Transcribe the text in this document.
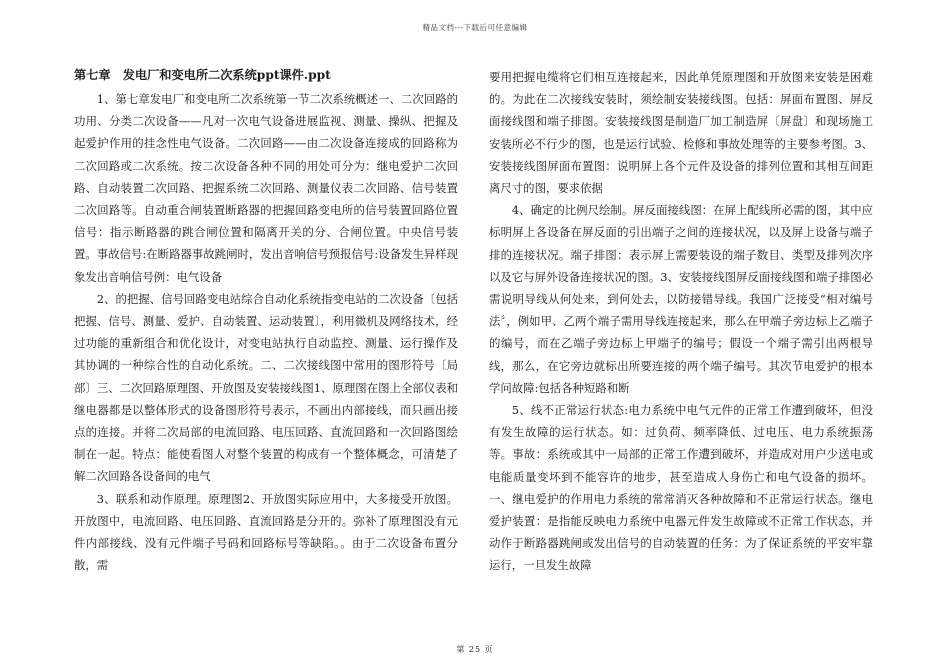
精品文档---下载后可任意编辑
第七章　发电厂和变电所二次系统ppt课件.ppt

1、第七章发电厂和变电所二次系统第一节二次系统概述一、二次回路的功用、分类二次设备——凡对一次电气设备进展监视、测量、操纵、把握及起爱护作用的挂念性电气设备。二次回路——由二次设备连接成的回路称为二次回路或二次系统。按二次设备各种不同的用处可分为：继电爱护二次回路、自动装置二次回路、把握系统二次回路、测量仪表二次回路、信号装置二次回路等。自动重合闸装置断路器的把握回路变电所的信号装置回路位置信号：指示断路器的跳合闸位置和隔离开关的分、合闸位置。中央信号装置。事故信号:在断路器事故跳闸时，发出音响信号预报信号:设备发生异样现象发出音响信号例：电气设备

2、的把握、信号回路变电站综合自动化系统指变电站的二次设备〔包括把握、信号、测量、爱护、自动装置、运动装置〕，利用微机及网络技术，经过功能的重新组合和优化设计，对变电站执行自动监控、测量、运行操作及其协调的一种综合性的自动化系统。二、二次接线图中常用的图形符号〔局部〕三、二次回路原理图、开放图及安装接线图1、原理图在图上全部仪表和继电器都是以整体形式的设备图形符号表示，不画出内部接线，而只画出接点的连接。并将二次局部的电流回路、电压回路、直流回路和一次回路图绘制在一起。特点：能使看图人对整个装置的构成有一个整体概念，可清楚了解二次回路各设备间的电气

3、联系和动作原理。原理图2、开放图实际应用中，大多接受开放图。开放图中，电流回路、电压回路、直流回路是分开的。弥补了原理图没有元件内部接线、没有元件端子号码和回路标号等缺陷。。由于二次设备布置分散，需

要用把握电缆将它们相互连接起来，因此单凭原理图和开放图来安装是困难的。为此在二次接线安装时，须绘制安装接线图。包括：屏面布置图、屏反面接线图和端子排图。安装接线图是制造厂加工制造屏〔屏盘〕和现场施工安装所必不行少的图，也是运行试验、检修和事故处理等的主要参考图。3、安装接线图屏面布置图：说明屏上各个元件及设备的排列位置和其相互间距离尺寸的图，要求依据

4、确定的比例尺绘制。屏反面接线图：在屏上配线所必需的图，其中应标明屏上各设备在屏反面的引出端子之间的连接状况，以及屏上设备与端子排的连接状况。端子排图：表示屏上需要装设的端子数目、类型及排列次序以及它与屏外设备连接状况的图。3、安装接线图屏反面接线图和端子排图必需说明导线从何处来，到何处去，以防接错导线。我国广泛接受“相对编号法〞，例如甲、乙两个端子需用导线连接起来，那么在甲端子旁边标上乙端子的编号，而在乙端子旁边标上甲端子的编号；假设一个端子需引出两根导线，那么，在它旁边就标出所要连接的两个端子编号。其次节电爱护的根本学问故障:包括各种短路和断

5、线不正常运行状态:电力系统中电气元件的正常工作遭到破坏，但没有发生故障的运行状态。如：过负荷、频率降低、过电压、电力系统振荡等。事故：系统或其中一局部的正常工作遭到破坏，并造成对用户少送电或电能质量变坏到不能容许的地步，甚至造成人身伤亡和电气设备的损坏。一、继电爱护的作用电力系统的常常消灭各种故障和不正常运行状态。继电爱护装置：是指能反映电力系统中电器元件发生故障或不正常工作状态，并动作于断路器跳闸或发出信号的自动装置的任务：为了保证系统的平安牢靠运行，一旦发生故障

第 25 页
